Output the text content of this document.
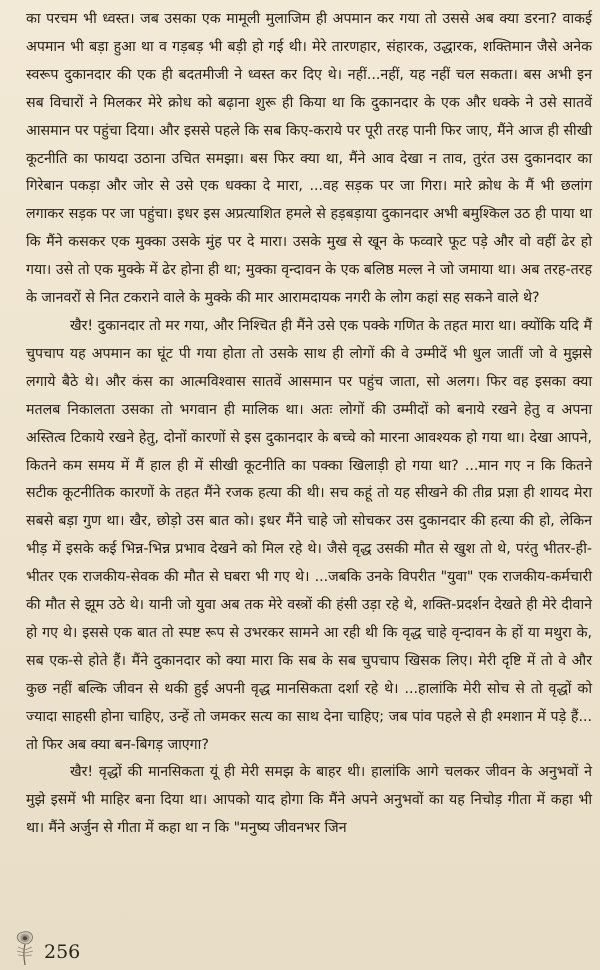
का परचम भी ध्वस्त। जब उसका एक मामूली मुलाजिम ही अपमान कर गया तो उससे अब क्या डरना? वाकई अपमान भी बड़ा हुआ था व गड़बड़ भी बड़ी हो गई थी। मेरे तारणहार, संहारक, उद्धारक, शक्तिमान जैसे अनेक स्वरूप दुकानदार की एक ही बदतमीजी ने ध्वस्त कर दिए थे। नहीं...नहीं, यह नहीं चल सकता। बस अभी इन सब विचारों ने मिलकर मेरे क्रोध को बढ़ाना शुरू ही किया था कि दुकानदार के एक और धक्के ने उसे सातवें आसमान पर पहुंचा दिया। और इससे पहले कि सब किए-कराये पर पूरी तरह पानी फिर जाए, मैंने आज ही सीखी कूटनीति का फायदा उठाना उचित समझा। बस फिर क्या था, मैंने आव देखा न ताव, तुरंत उस दुकानदार का गिरेबान पकड़ा और जोर से उसे एक धक्का दे मारा, ...वह सड़क पर जा गिरा। मारे क्रोध के मैं भी छलांग लगाकर सड़क पर जा पहुंचा। इधर इस अप्रत्याशित हमले से हड़बड़ाया दुकानदार अभी बमुश्किल उठ ही पाया था कि मैंने कसकर एक मुक्का उसके मुंह पर दे मारा। उसके मुख से खून के फव्वारे फूट पड़े और वो वहीं ढेर हो गया। उसे तो एक मुक्के में ढेर होना ही था; मुक्का वृन्दावन के एक बलिष्ठ मल्ल ने जो जमाया था। अब तरह-तरह के जानवरों से नित टकराने वाले के मुक्के की मार आरामदायक नगरी के लोग कहां सह सकने वाले थे?

खैर! दुकानदार तो मर गया, और निश्चित ही मैंने उसे एक पक्के गणित के तहत मारा था। क्योंकि यदि मैं चुपचाप यह अपमान का घूंट पी गया होता तो उसके साथ ही लोगों की वे उम्मीदें भी धुल जातीं जो वे मुझसे लगाये बैठे थे। और कंस का आत्मविश्वास सातवें आसमान पर पहुंच जाता, सो अलग। फिर वह इसका क्या मतलब निकालता उसका तो भगवान ही मालिक था। अतः लोगों की उम्मीदों को बनाये रखने हेतु व अपना अस्तित्व टिकाये रखने हेतु, दोनों कारणों से इस दुकानदार के बच्चे को मारना आवश्यक हो गया था। देखा आपने, कितने कम समय में मैं हाल ही में सीखी कूटनीति का पक्का खिलाड़ी हो गया था? ...मान गए न कि कितने सटीक कूटनीतिक कारणों के तहत मैंने रजक हत्या की थी। सच कहूं तो यह सीखने की तीव्र प्रज्ञा ही शायद मेरा सबसे बड़ा गुण था। खैर, छोड़ो उस बात को। इधर मैंने चाहे जो सोचकर उस दुकानदार की हत्या की हो, लेकिन भीड़ में इसके कई भिन्न-भिन्न प्रभाव देखने को मिल रहे थे। जैसे वृद्ध उसकी मौत से खुश तो थे, परंतु भीतर-ही-भीतर एक राजकीय-सेवक की मौत से घबरा भी गए थे। ...जबकि उनके विपरीत "युवा" एक राजकीय-कर्मचारी की मौत से झूम उठे थे। यानी जो युवा अब तक मेरे वस्त्रों की हंसी उड़ा रहे थे, शक्ति-प्रदर्शन देखते ही मेरे दीवाने हो गए थे। इससे एक बात तो स्पष्ट रूप से उभरकर सामने आ रही थी कि वृद्ध चाहे वृन्दावन के हों या मथुरा के, सब एक-से होते हैं। मैंने दुकानदार को क्या मारा कि सब के सब चुपचाप खिसक लिए। मेरी दृष्टि में तो वे और कुछ नहीं बल्कि जीवन से थकी हुई अपनी वृद्ध मानसिकता दर्शा रहे थे। ...हालांकि मेरी सोच से तो वृद्धों को ज्यादा साहसी होना चाहिए, उन्हें तो जमकर सत्य का साथ देना चाहिए; जब पांव पहले से ही श्मशान में पड़े हैं... तो फिर अब क्या बन-बिगड़ जाएगा?

खैर! वृद्धों की मानसिकता यूं ही मेरी समझ के बाहर थी। हालांकि आगे चलकर जीवन के अनुभवों ने मुझे इसमें भी माहिर बना दिया था। आपको याद होगा कि मैंने अपने अनुभवों का यह निचोड़ गीता में कहा भी था। मैंने अर्जुन से गीता में कहा था न कि "मनुष्य जीवनभर जिन

256
